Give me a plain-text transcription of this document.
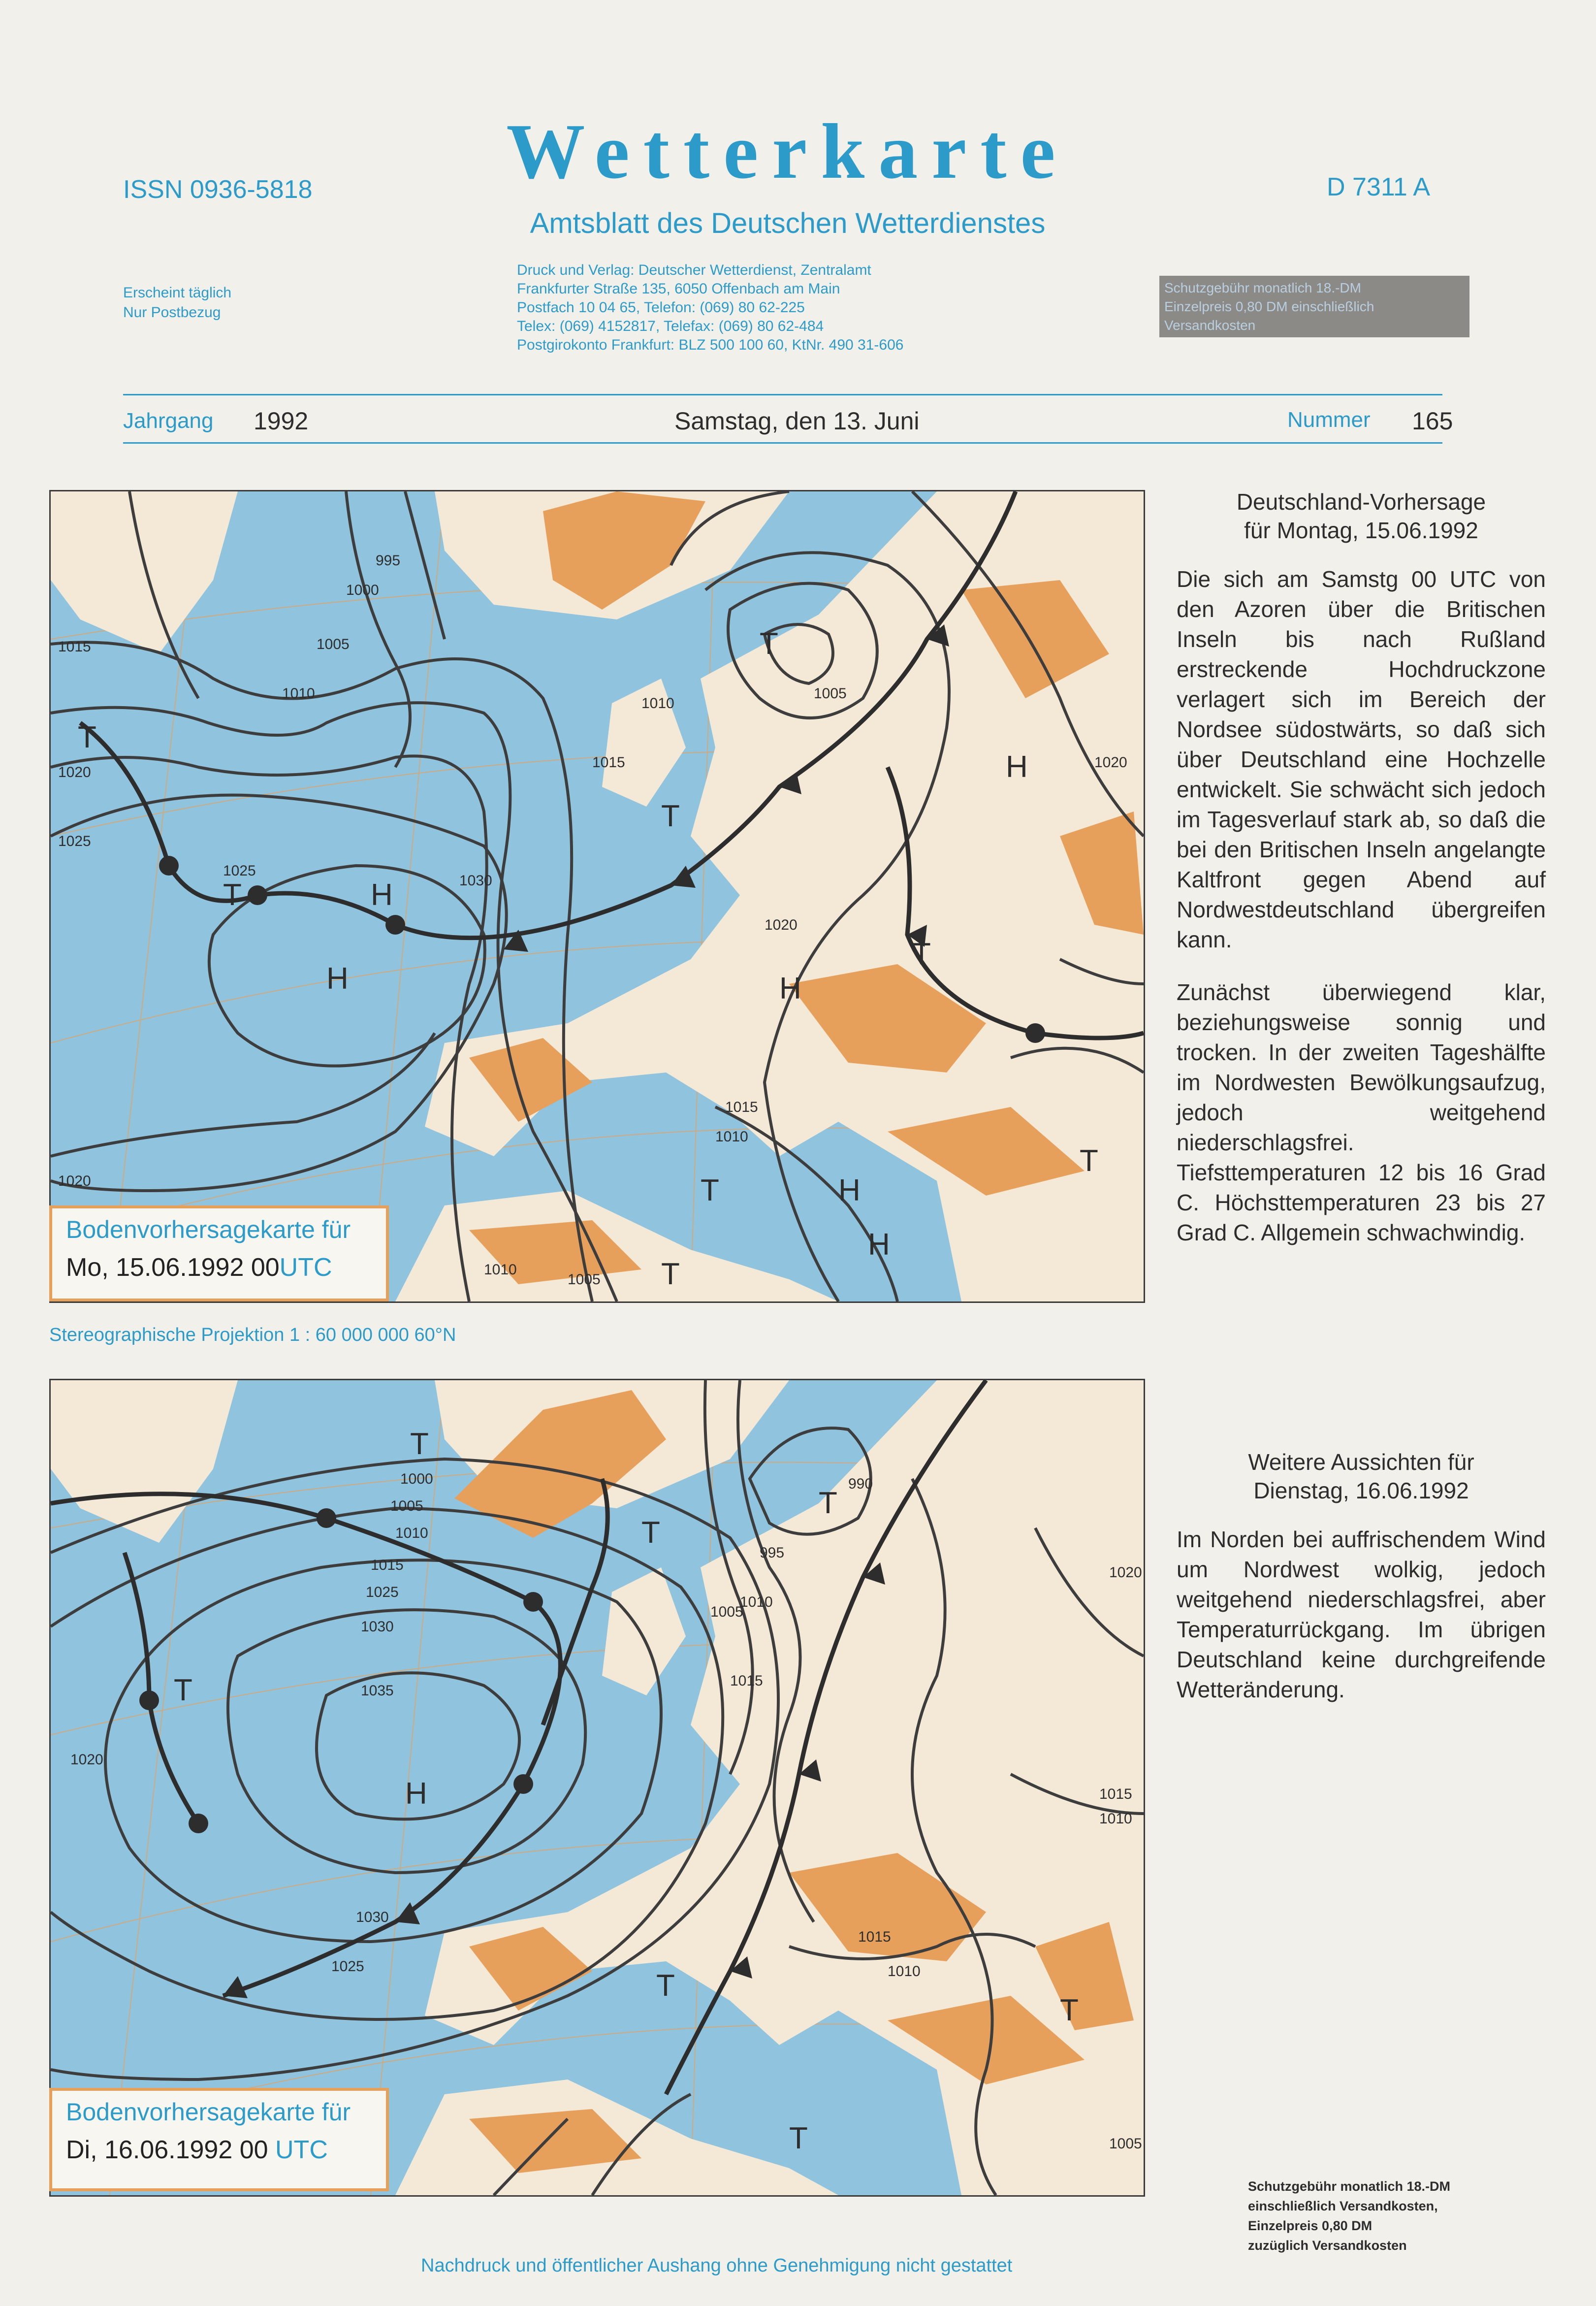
ISSN 0936-5818	Wetterkarte
Amtsblatt des Deutschen Wetterdienstes
D 7311 A
Erscheint täglich
Nur Postbezug
Druck und Verlag: Deutscher Wetterdienst, Zentralamt
Frankfurter Straße 135, 6050 Offenbach am Main
Postfach 10 04 65, Telefon: (069) 80 62-225
Telex: (069) 4152817, Telefax: (069) 80 62-484
Postgirokonto Frankfurt: BLZ 500 100 60, KtNr. 490 31-606
Schutzgebühr monatlich 18.-DM
Einzelpreis 0,80 DM einschließlich
Versandkosten
Jahrgang 1992	Samstag, den 13. Juni	Nummer 165
H
H	H
H
H
H
T
T
T
T
T
T
T
T
1015
1010
1005
1000
995
1020
1025
1030
1015
1010
1005
1020
1025
1020
1015
1010
1005
1010
1020
Bodenvorhersagekarte für
Mo, 15.06.1992 00UTC
Stereographische Projektion 1 : 60 000 000 60°N
H
T
T
T
T
T
T
T
1035
1030
1025
1020
1015
1010
1005
1000
995
990
1030
1025
1015
1010
1005
1015
1010
1020
1005
1010
1015
Bodenvorhersagekarte für
Di, 16.06.1992 00 UTC
Deutschland-Vorhersage
für Montag, 15.06.1992

Die sich am Samstg 00 UTC von den Azoren über die Britischen Inseln bis nach Rußland erstreckende Hochdruckzone verlagert sich im Bereich der Nordsee südostwärts, so daß sich über Deutschland eine Hochzelle entwickelt. Sie schwächt sich jedoch im Tagesverlauf stark ab, so daß die bei den Britischen Inseln angelangte Kaltfront gegen Abend auf Nordwestdeutschland übergreifen kann.

Zunächst überwiegend klar, beziehungsweise sonnig und trocken. In der zweiten Tageshälfte im Nordwesten Bewölkungsaufzug, jedoch weitgehend niederschlagsfrei. Tiefsttemperaturen 12 bis 16 Grad C. Höchsttemperaturen 23 bis 27 Grad C. Allgemein schwachwindig.

Weitere Aussichten für
Dienstag, 16.06.1992

Im Norden bei auffrischendem Wind um Nordwest wolkig, jedoch weitgehend niederschlagsfrei, aber Temperaturrückgang. Im übrigen Deutschland keine durchgreifende Wetteränderung.

Schutzgebühr monatlich 18.-DM
einschließlich Versandkosten,
Einzelpreis 0,80 DM
zuzüglich Versandkosten
Nachdruck und öffentlicher Aushang ohne Genehmigung nicht gestattet
